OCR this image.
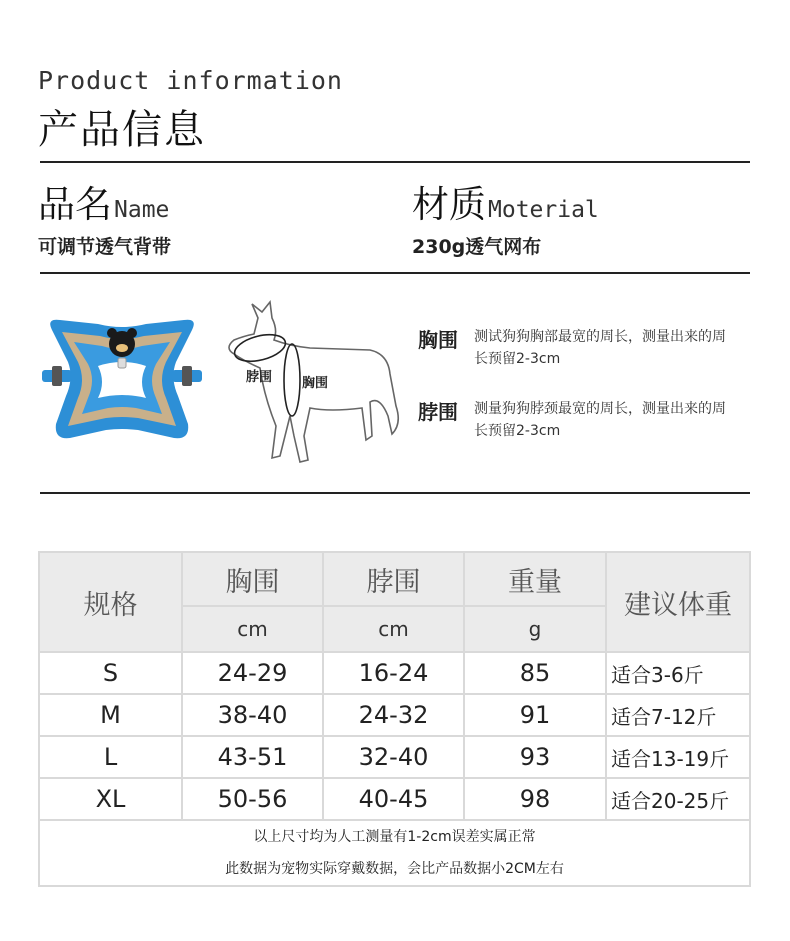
Product information
产品信息
品名 Name	材质 Moterial
可调节透气背带	230g透气网布
脖围 胸围
胸围	测试狗狗胸部最宽的周长，测量出来的周长预留2-3cm
脖围	测量狗狗脖颈最宽的周长，测量出来的周长预留2-3cm
规格	胸围	脖围	重量	建议体重
	cm	cm	g	
S	24-29	16-24	85	适合3-6斤
M	38-40	24-32	91	适合7-12斤
L	43-51	32-40	93	适合13-19斤
XL	50-56	40-45	98	适合20-25斤

以上尺寸均为人工测量有1-2cm误差实属正常
此数据为宠物实际穿戴数据，会比产品数据小2CM左右				
